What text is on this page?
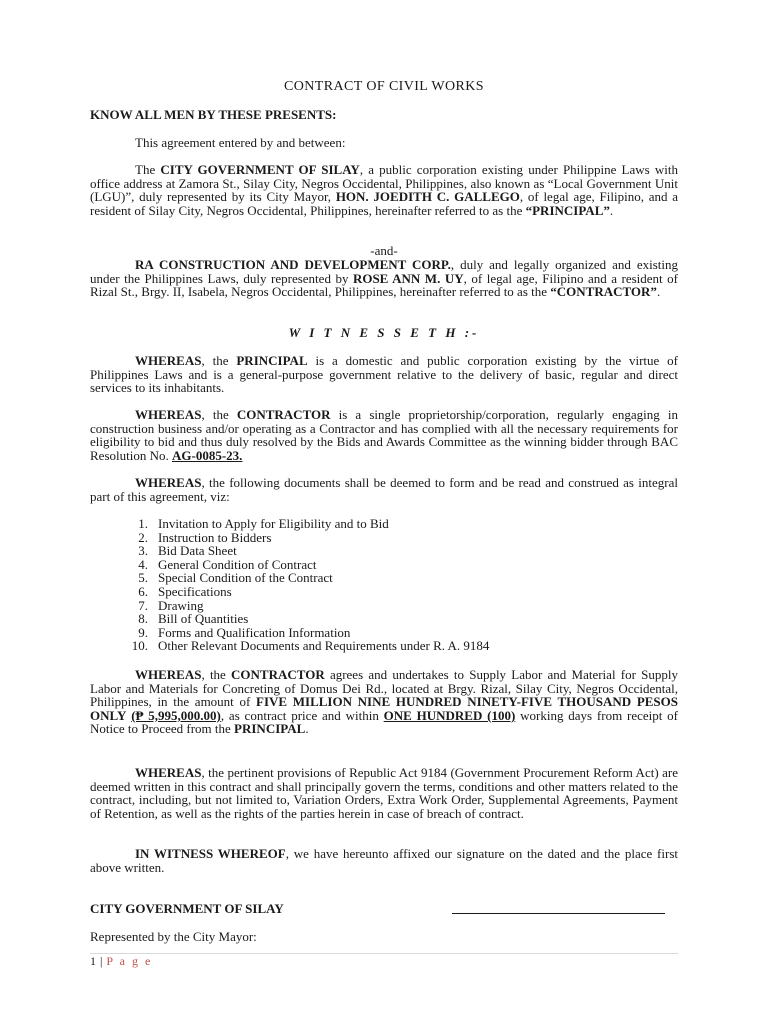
CONTRACT OF CIVIL WORKS
KNOW ALL MEN BY THESE PRESENTS:
This agreement entered by and between:
The CITY GOVERNMENT OF SILAY, a public corporation existing under Philippine Laws with office address at Zamora St., Silay City, Negros Occidental, Philippines, also known as “Local Government Unit (LGU)”, duly represented by its City Mayor, HON. JOEDITH C. GALLEGO, of legal age, Filipino, and a resident of Silay City, Negros Occidental, Philippines, hereinafter referred to as the “PRINCIPAL”.
-and-
RA CONSTRUCTION AND DEVELOPMENT CORP., duly and legally organized and existing under the Philippines Laws, duly represented by ROSE ANN M. UY, of legal age, Filipino and a resident of Rizal St., Brgy. II, Isabela, Negros Occidental, Philippines, hereinafter referred to as the “CONTRACTOR”.
W I T N E S S E T H :-
WHEREAS, the PRINCIPAL is a domestic and public corporation existing by the virtue of Philippines Laws and is a general-purpose government relative to the delivery of basic, regular and direct services to its inhabitants.
WHEREAS, the CONTRACTOR is a single proprietorship/corporation, regularly engaging in construction business and/or operating as a Contractor and has complied with all the necessary requirements for eligibility to bid and thus duly resolved by the Bids and Awards Committee as the winning bidder through BAC Resolution No. AG-0085-23.
WHEREAS, the following documents shall be deemed to form and be read and construed as integral part of this agreement, viz:
1. Invitation to Apply for Eligibility and to Bid
2. Instruction to Bidders
3. Bid Data Sheet
4. General Condition of Contract
5. Special Condition of the Contract
6. Specifications
7. Drawing
8. Bill of Quantities
9. Forms and Qualification Information
10. Other Relevant Documents and Requirements under R. A. 9184
WHEREAS, the CONTRACTOR agrees and undertakes to Supply Labor and Material for Supply Labor and Materials for Concreting of Domus Dei Rd., located at Brgy. Rizal, Silay City, Negros Occidental, Philippines, in the amount of FIVE MILLION NINE HUNDRED NINETY-FIVE THOUSAND PESOS ONLY (₱ 5,995,000.00), as contract price and within ONE HUNDRED (100) working days from receipt of Notice to Proceed from the PRINCIPAL.
WHEREAS, the pertinent provisions of Republic Act 9184 (Government Procurement Reform Act) are deemed written in this contract and shall principally govern the terms, conditions and other matters related to the contract, including, but not limited to, Variation Orders, Extra Work Order, Supplemental Agreements, Payment of Retention, as well as the rights of the parties herein in case of breach of contract.
IN WITNESS WHEREOF, we have hereunto affixed our signature on the dated and the place first above written.
CITY GOVERNMENT OF SILAY
Represented by the City Mayor:
1 | P a g e
